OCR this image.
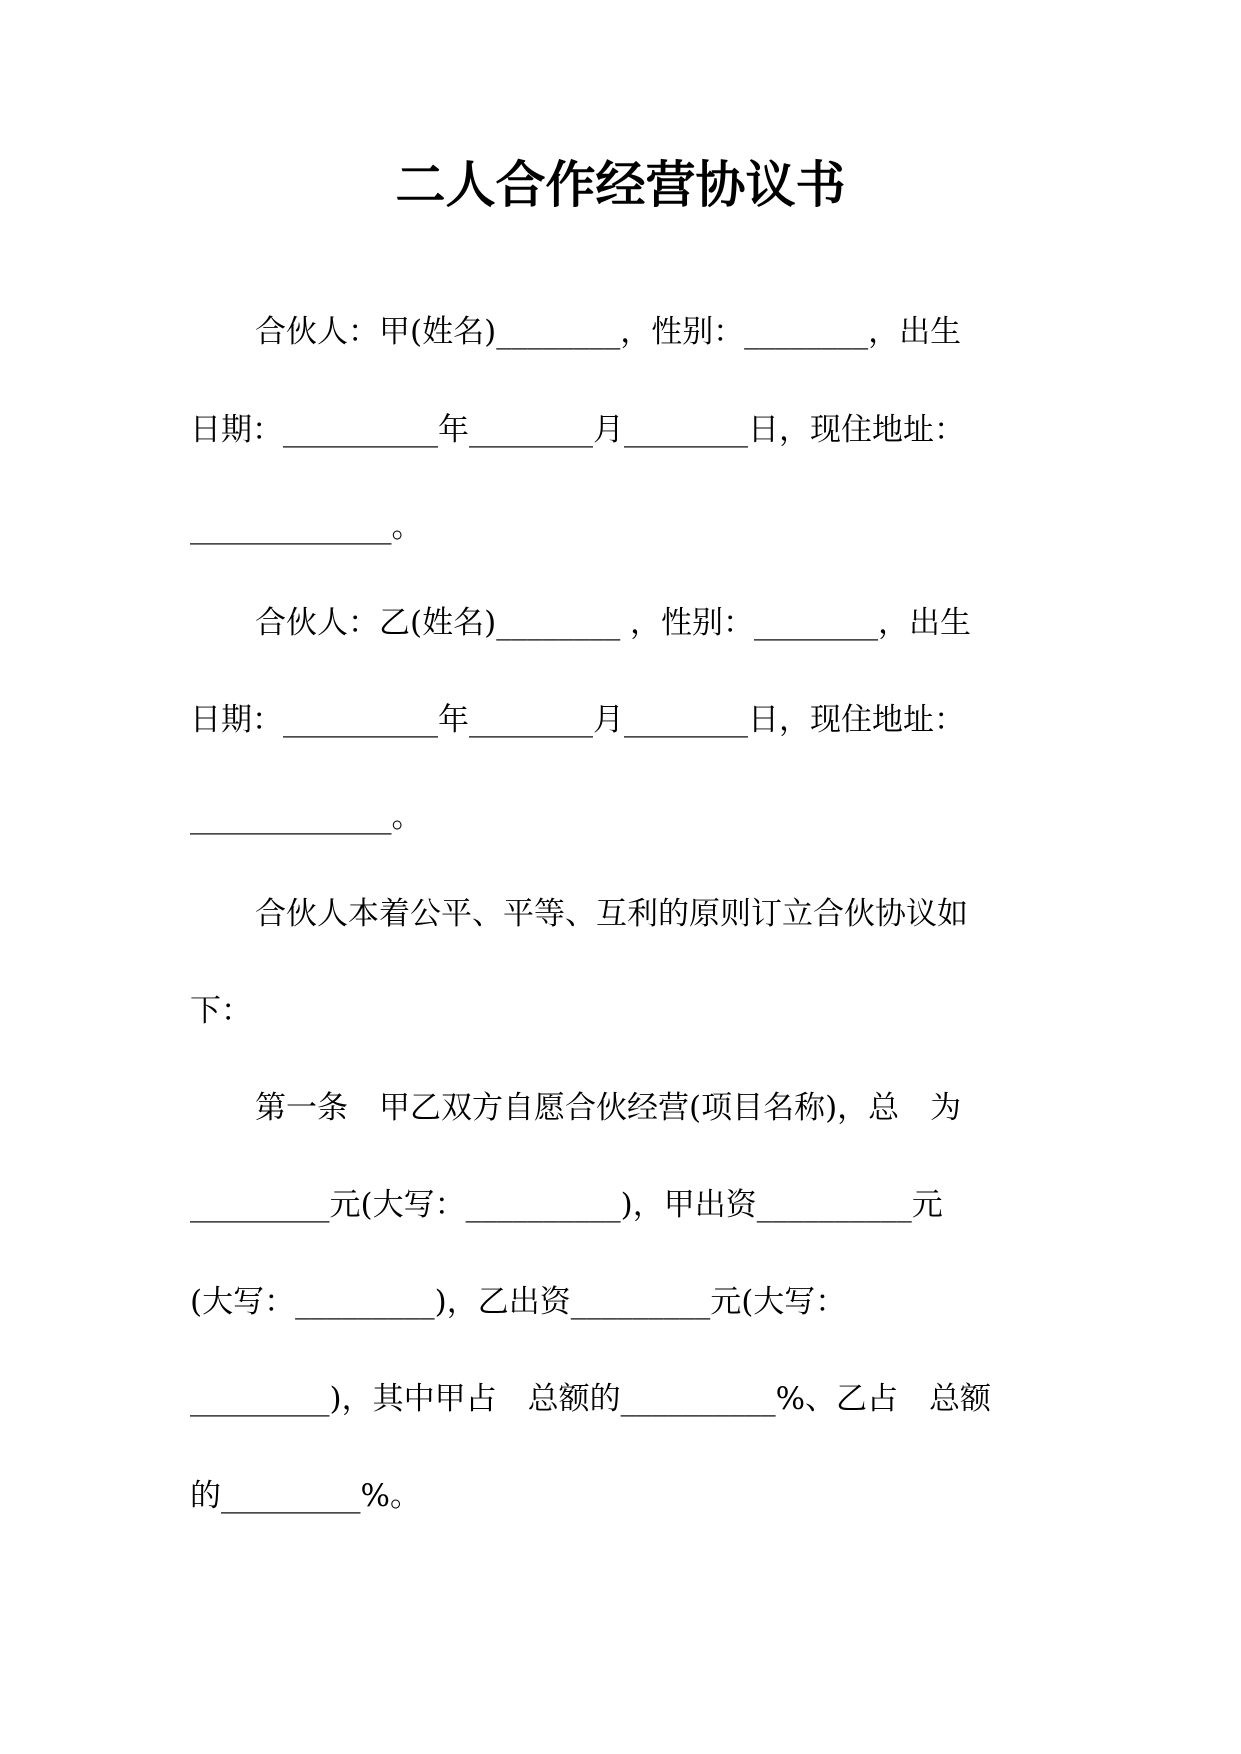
二人合作经营协议书
合伙人：甲(姓名)________，性别：________，出生
日期：__________年________月________日，现住地址：
_____________。
合伙人：乙(姓名)________ ，性别：________，出生
日期：__________年________月________日，现住地址：
_____________。
合伙人本着公平、平等、互利的原则订立合伙协议如
下：
第一条　甲乙双方自愿合伙经营(项目名称)，总　为
_________元(大写：__________)，甲出资__________元
(大写：_________)，乙出资_________元(大写：
_________)，其中甲占　总额的__________%、乙占　总额
的_________%。
